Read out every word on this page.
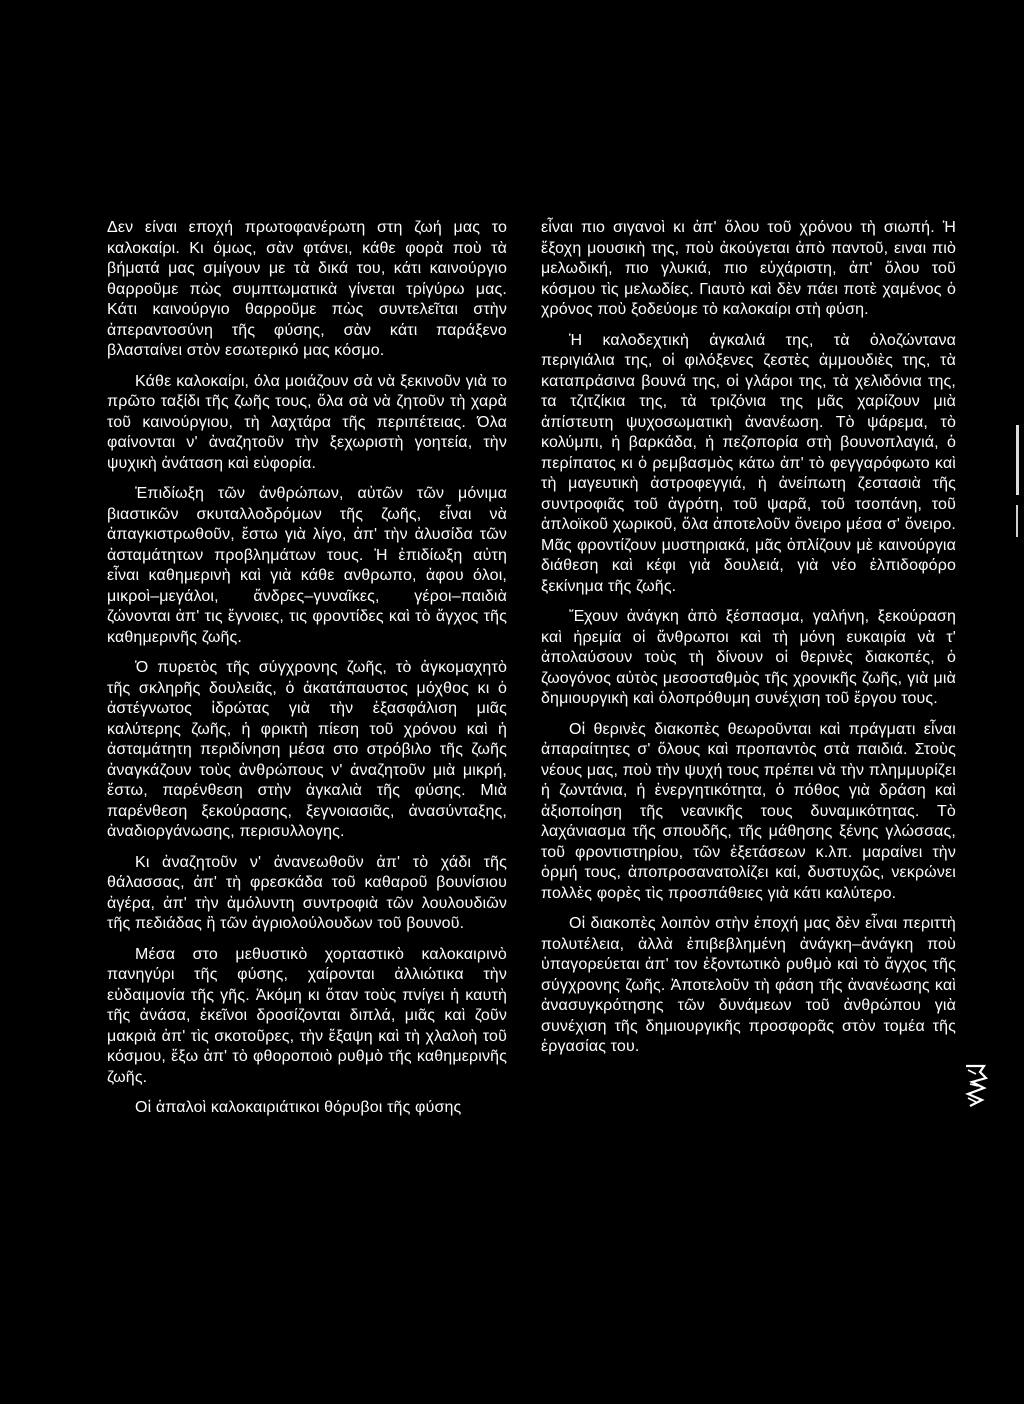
Δεν είναι εποχή πρωτοφανέρωτη στη ζωή μας το καλοκαίρι. Κι όμως, σὰν φτάνει, κάθε φορὰ ποὺ τὰ βήματά μας σμίγουν με τὰ δικά του, κάτι καινούργιο θαρροῦμε πὼς συμπτωματικὰ γίνεται τρίγύρω μας. Κάτι καινούργιο θαρροῦμε πὼς συντελεῖται στὴν ἀπεραντοσύνη τῆς φύσης, σὰν κάτι παράξενο βλασταίνει στὸν εσωτερικό μας κόσμο.

Κάθε καλοκαίρι, όλα μοιάζουν σὰ νὰ ξεκινοῦν γιὰ το πρῶτο ταξίδι τῆς ζωῆς τους, ὅλα σὰ νὰ ζητοῦν τὴ χαρὰ τοῦ καινούργιου, τὴ λαχτάρα τῆς περιπέτειας. Όλα φαίνονται ν' ἀναζητοῦν τὴν ξεχωριστὴ γοητεία, τὴν ψυχικὴ ἀνάταση καὶ εὐφορία.

Ἐπιδίωξη τῶν ἀνθρώπων, αὐτῶν τῶν μόνιμα βιαστικῶν σκυταλλοδρόμων τῆς ζωῆς, εἶναι νὰ ἀπαγκιστρωθοῦν, ἔστω γιὰ λίγο, ἀπ' τὴν ἀλυσίδα τῶν ἀσταμάτητων προβλημάτων τους. Ἡ ἐπιδίωξη αὐτη εἶναι καθημερινὴ καὶ γιὰ κάθε ανθρωπο, ἀφου όλοι, μικροὶ–μεγάλοι, ἄνδρες–γυναῖκες, γέροι–παιδιὰ ζώνονται ἀπ' τις ἔγνοιες, τις φροντίδες καὶ τὸ ἄγχος τῆς καθημερινῆς ζωῆς.

Ὁ πυρετὸς τῆς σύγχρονης ζωῆς, τὸ ἀγκομαχητὸ τῆς σκληρῆς δουλειᾶς, ὁ ἀκατάπαυστος μόχθος κι ὁ ἀστέγνωτος ἱδρώτας γιὰ τὴν ἐξασφάλιση μιᾶς καλύτερης ζωῆς, ἡ φρικτὴ πίεση τοῦ χρόνου καὶ ἡ ἀσταμάτητη περιδίνηση μέσα στο στρόβιλο τῆς ζωῆς ἀναγκάζουν τοὺς ἀνθρώπους ν' ἀναζητοῦν μιὰ μικρή, ἔστω, παρένθεση στὴν ἀγκαλιὰ τῆς φύσης. Μιὰ παρένθεση ξεκούρασης, ξεγνοιασιᾶς, ἀνασύνταξης, ἀναδιοργάνωσης, περισυλλογης.

Κι ἀναζητοῦν ν' ἀνανεωθοῦν ἀπ' τὸ χάδι τῆς θάλασσας, ἀπ' τὴ φρεσκάδα τοῦ καθαροῦ βουνίσιου ἀγέρα, ἀπ' τὴν ἀμόλυντη συντροφιὰ τῶν λουλουδιῶν τῆς πεδιάδας ἢ τῶν ἀγριολούλουδων τοῦ βουνοῦ.

Μέσα στο μεθυστικὸ χορταστικὸ καλοκαιρινὸ πανηγύρι τῆς φύσης, χαίρονται ἀλλιώτικα τὴν εὐδαιμονία τῆς γῆς. Ἀκόμη κι ὅταν τοὺς πνίγει ἡ καυτὴ τῆς ἀνάσα, ἐκεῖνοι δροσίζονται διπλά, μιᾶς καὶ ζοῦν μακριὰ ἀπ' τὶς σκοτοῦρες, τὴν ἔξαψη καὶ τὴ χλαλοὴ τοῦ κόσμου, ἔξω ἀπ' τὸ φθοροποιὸ ρυθμὸ τῆς καθημερινῆς ζωῆς.

Οἱ ἁπαλοὶ καλοκαιριάτικοι θόρυβοι τῆς φύσης

εἶναι πιο σιγανοὶ κι ἀπ' ὅλου τοῦ χρόνου τὴ σιωπή. Ἡ ἔξοχη μουσικὴ της, ποὺ ἀκούγεται ἀπὸ παντοῦ, ειναι πιὸ μελωδική, πιο γλυκιά, πιο εὐχάριστη, ἀπ' ὅλου τοῦ κόσμου τὶς μελωδίες. Γιαυτὸ καὶ δὲν πάει ποτὲ χαμένος ὁ χρόνος ποὺ ξοδεύομε τὸ καλοκαίρι στὴ φύση.

Ἡ καλοδεχτικὴ ἀγκαλιά της, τὰ ὁλοζώντανα περιγιάλια της, οἱ φιλόξενες ζεστὲς ἀμμουδιὲς της, τὰ καταπράσινα βουνά της, οἱ γλάροι της, τὰ χελιδόνια της, τα τζιτζίκια της, τὰ τριζόνια της μᾶς χαρίζουν μιὰ ἀπίστευτη ψυχοσωματικὴ ἀνανέωση. Τὸ ψάρεμα, τὸ κολύμπι, ἡ βαρκάδα, ἡ πεζοπορία στὴ βουνοπλαγιά, ὁ περίπατος κι ὁ ρεμβασμὸς κάτω ἀπ' τὸ φεγγαρόφωτο καὶ τὴ μαγευτικὴ ἀστροφεγγιά, ἡ ἀνείπωτη ζεστασιὰ τῆς συντροφιᾶς τοῦ ἀγρότη, τοῦ ψαρᾶ, τοῦ τσοπάνη, τοῦ ἁπλοϊκοῦ χωρικοῦ, ὅλα ἀποτελοῦν ὄνειρο μέσα σ' ὄνειρο. Μᾶς φροντίζουν μυστηριακά, μᾶς ὁπλίζουν μὲ καινούργια διάθεση καὶ κέφι γιὰ δουλειά, γιὰ νέο ἐλπιδοφόρο ξεκίνημα τῆς ζωῆς.

Ἔχουν ἀνάγκη ἀπὸ ξέσπασμα, γαλήνη, ξεκούραση καὶ ἠρεμία οἱ ἄνθρωποι καὶ τὴ μόνη ευκαιρία νὰ τ' ἀπολαύσουν τοὺς τὴ δίνουν οἱ θερινὲς διακοπές, ὁ ζωογόνος αὐτὸς μεσοσταθμὸς τῆς χρονικῆς ζωῆς, γιὰ μιὰ δημιουργικὴ καὶ ὁλοπρόθυμη συνέχιση τοῦ ἔργου τους.

Οἱ θερινὲς διακοπὲς θεωροῦνται καὶ πράγματι εἶναι ἀπαραίτητες σ' ὅλους καὶ προπαντὸς στὰ παιδιά. Στοὺς νέους μας, ποὺ τὴν ψυχή τους πρέπει νὰ τὴν πλημμυρίζει ἡ ζωντάνια, ἡ ἐνεργητικότητα, ὁ πόθος γιὰ δράση καὶ ἀξιοποίηση τῆς νεανικῆς τους δυναμικότητας. Τὸ λαχάνιασμα τῆς σπουδῆς, τῆς μάθησης ξένης γλώσσας, τοῦ φροντιστηρίου, τῶν ἐξετάσεων κ.λπ. μαραίνει τὴν ὁρμή τους, ἀποπροσανατολίζει καί, δυστυχῶς, νεκρώνει πολλὲς φορὲς τὶς προσπάθειες γιὰ κάτι καλύτερο.

Οἱ διακοπὲς λοιπὸν στὴν ἐποχή μας δὲν εἶναι περιττὴ πολυτέλεια, ἀλλὰ ἐπιβεβλημένη ἀνάγκη–ἀνάγκη ποὺ ὑπαγορεύεται ἀπ' τον ἐξοντωτικὸ ρυθμὸ καὶ τὸ ἄγχος τῆς σύγχρονης ζωῆς. Ἀποτελοῦν τὴ φάση τῆς ἀνανέωσης καὶ ἀνασυγκρότησης τῶν δυνάμεων τοῦ ἀνθρώπου γιὰ συνέχιση τῆς δημιουργικῆς προσφορᾶς στὸν τομέα τῆς ἐργασίας του.
